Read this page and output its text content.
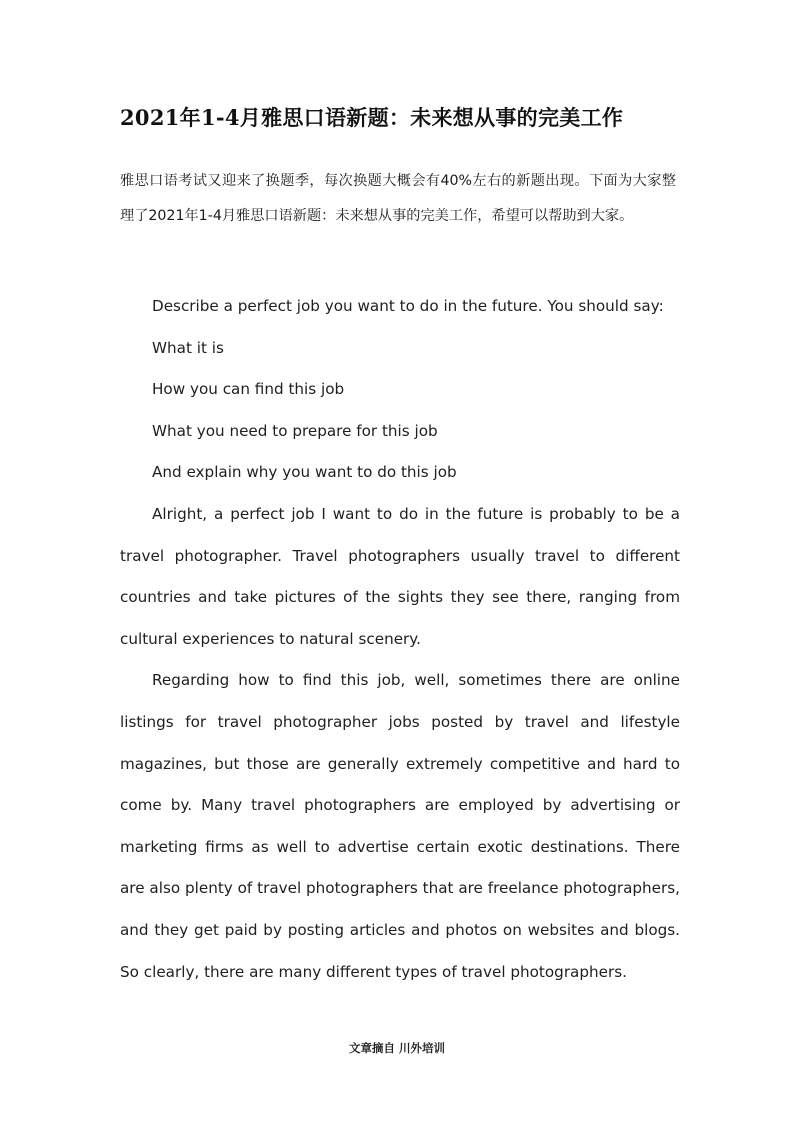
2021年1-4月雅思口语新题：未来想从事的完美工作

雅思口语考试又迎来了换题季，每次换题大概会有40%左右的新题出现。下面为大家整理了2021年1-4月雅思口语新题：未来想从事的完美工作，希望可以帮助到大家。

Describe a perfect job you want to do in the future. You should say:

What it is

How you can find this job

What you need to prepare for this job

And explain why you want to do this job

Alright, a perfect job I want to do in the future is probably to be a travel photographer. Travel photographers usually travel to different countries and take pictures of the sights they see there, ranging from cultural experiences to natural scenery.

Regarding how to find this job, well, sometimes there are online listings for travel photographer jobs posted by travel and lifestyle magazines, but those are generally extremely competitive and hard to come by. Many travel photographers are employed by advertising or marketing firms as well to advertise certain exotic destinations. There are also plenty of travel photographers that are freelance photographers, and they get paid by posting articles and photos on websites and blogs. So clearly, there are many different types of travel photographers.

文章摘自 川外培训
